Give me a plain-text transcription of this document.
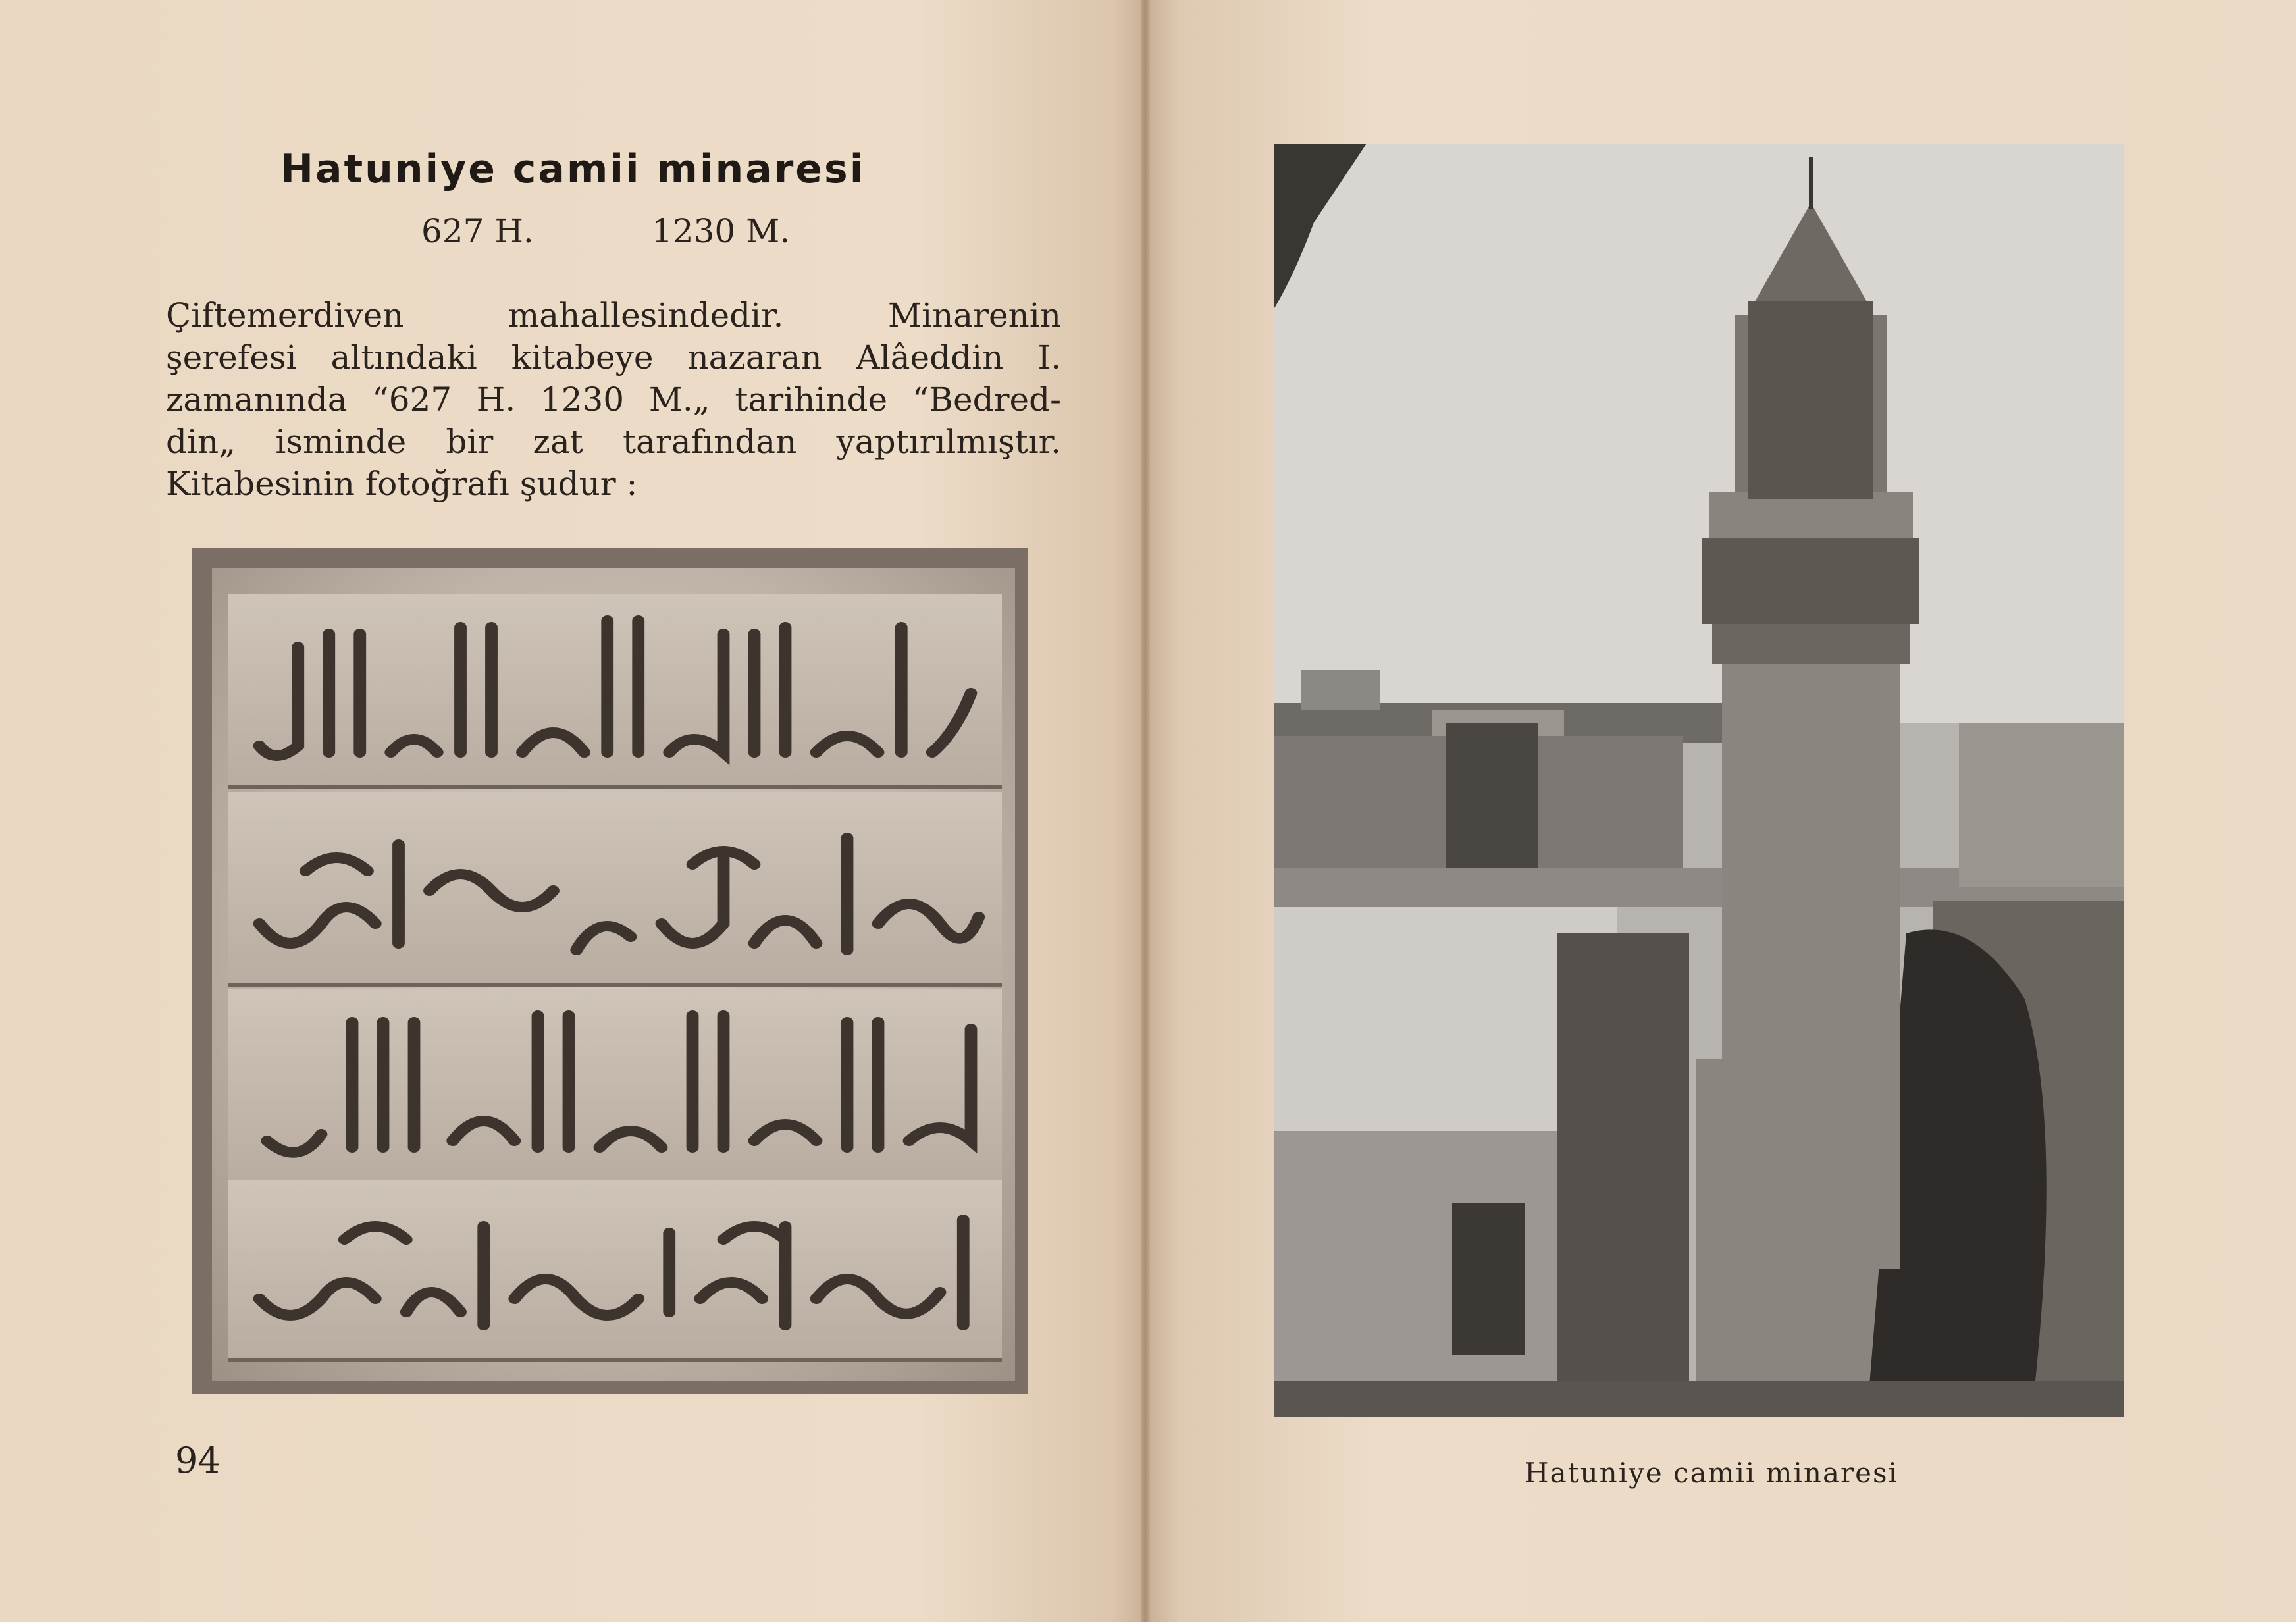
Hatuniye camii minaresi
627 H.	1230 M.
Çiftemerdiven mahallesindedir. Minarenin
şerefesi altındaki kitabeye nazaran Alâeddin I.
zamanında “627 H. 1230 M.„ tarihinde “Bedred-
din„ isminde bir zat tarafından yaptırılmıştır.
Kitabesinin fotoğrafı şudur :
94	Hatuniye camii minaresi
